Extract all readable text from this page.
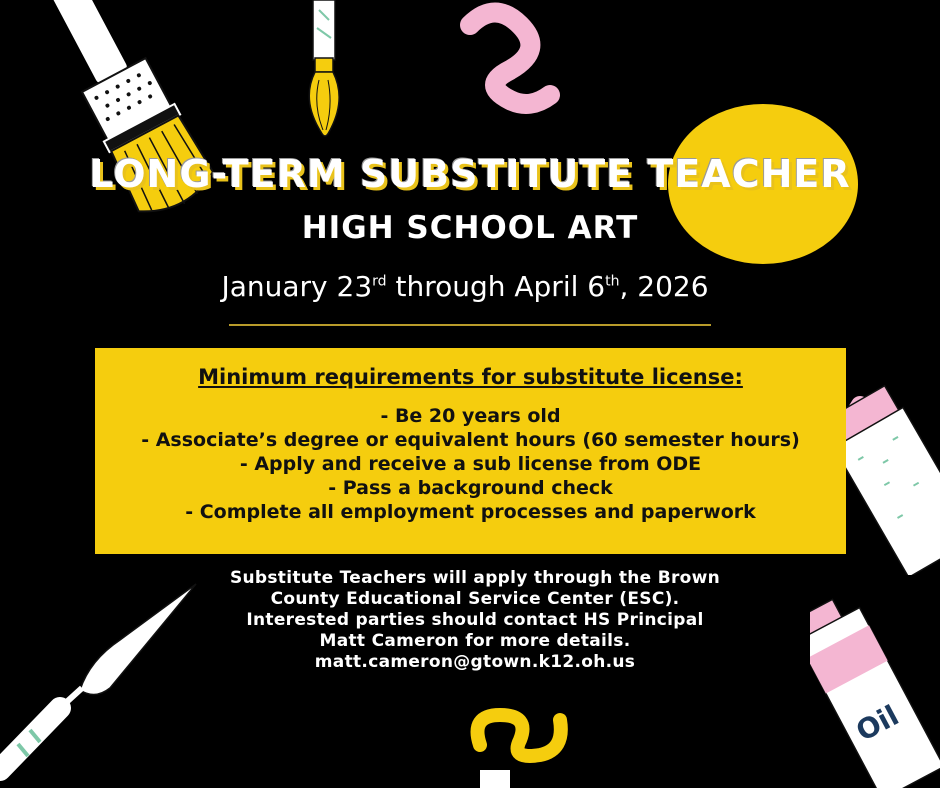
Oil
LONG-TERM SUBSTITUTE TEACHER
HIGH SCHOOL ART
January 23rd through April 6th, 2026
Minimum requirements for substitute license:
- Be 20 years old
- Associate’s degree or equivalent hours (60 semester hours)
- Apply and receive a sub license from ODE
- Pass a background check
- Complete all employment processes and paperwork
Substitute Teachers will apply through the Brown
County Educational Service Center (ESC).
Interested parties should contact HS Principal
Matt Cameron for more details.
matt.cameron@gtown.k12.oh.us
